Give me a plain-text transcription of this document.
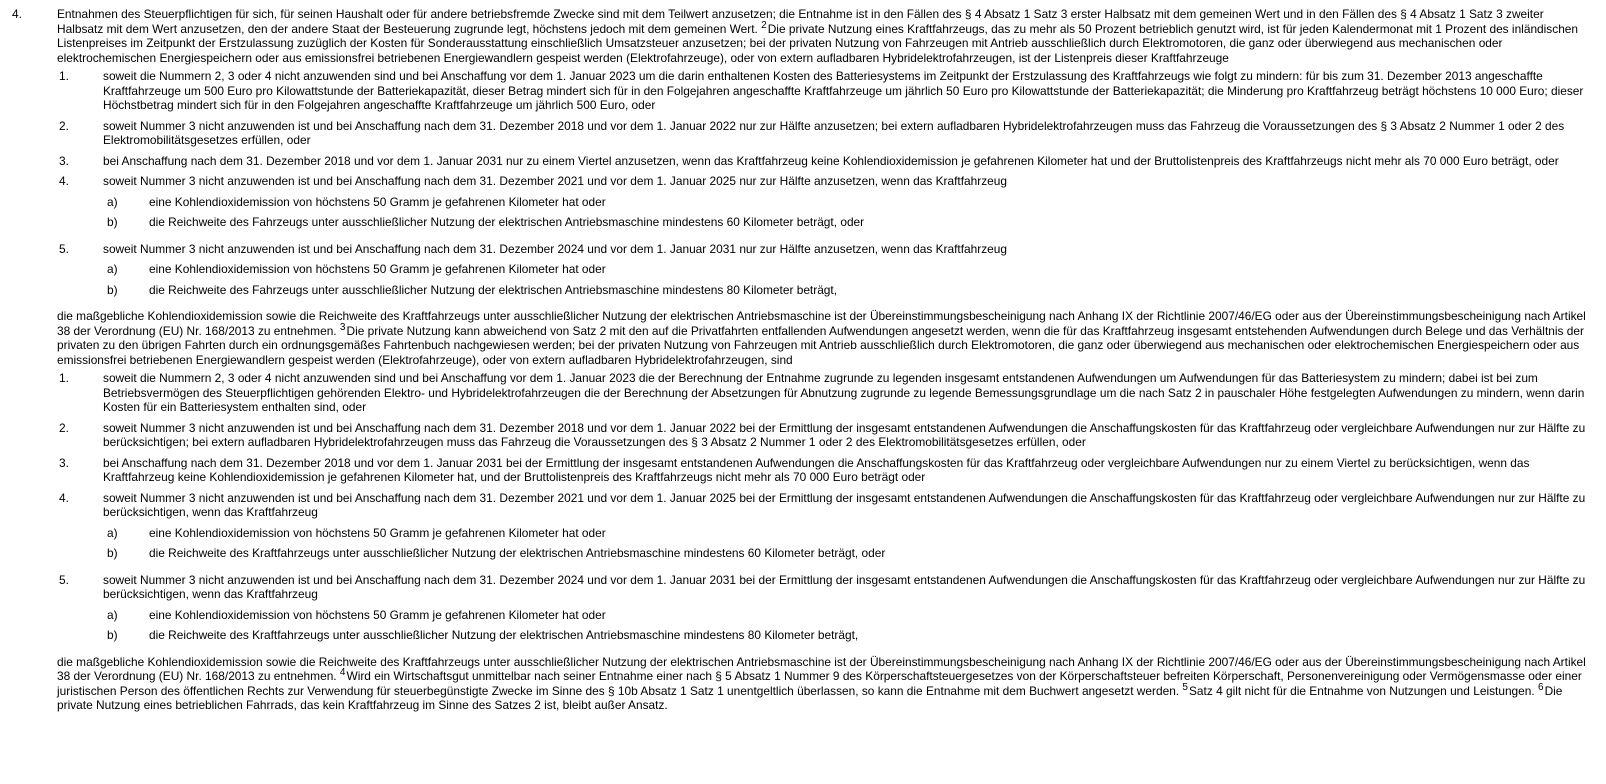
4.	Entnahmen des Steuerpflichtigen für sich, für seinen Haushalt oder für andere betriebsfremde Zwecke sind mit dem Teilwert anzusetzen; die Entnahme ist in den Fällen des § 4 Absatz 1 Satz 3 erster Halbsatz mit dem gemeinen Wert und in den Fällen des § 4 Absatz 1 Satz 3 zweiter Halbsatz mit dem Wert anzusetzen, den der andere Staat der Besteuerung zugrunde legt, höchstens jedoch mit dem gemeinen Wert. $^2$Die private Nutzung eines Kraftfahrzeugs, das zu mehr als 50 Prozent betrieblich genutzt wird, ist für jeden Kalendermonat mit 1 Prozent des inländischen Listenpreises im Zeitpunkt der Erstzulassung zuzüglich der Kosten für Sonderausstattung einschließlich Umsatzsteuer anzusetzen; bei der privaten Nutzung von Fahrzeugen mit Antrieb ausschließlich durch Elektromotoren, die ganz oder überwiegend aus mechanischen oder elektrochemischen Energiespeichern oder aus emissionsfrei betriebenen Energiewandlern gespeist werden (Elektrofahrzeuge), oder von extern aufladbaren Hybridelektrofahrzeugen, ist der Listenpreis dieser Kraftfahrzeuge

1.	soweit die Nummern 2, 3 oder 4 nicht anzuwenden sind und bei Anschaffung vor dem 1. Januar 2023 um die darin enthaltenen Kosten des Batteriesystems im Zeitpunkt der Erstzulassung des Kraftfahrzeugs wie folgt zu mindern: für bis zum 31. Dezember 2013 angeschaffte Kraftfahrzeuge um 500 Euro pro Kilowattstunde der Batteriekapazität, dieser Betrag mindert sich für in den Folgejahren angeschaffte Kraftfahrzeuge um jährlich 50 Euro pro Kilowattstunde der Batteriekapazität; die Minderung pro Kraftfahrzeug beträgt höchstens 10 000 Euro; dieser Höchstbetrag mindert sich für in den Folgejahren angeschaffte Kraftfahrzeuge um jährlich 500 Euro, oder
2.	soweit Nummer 3 nicht anzuwenden ist und bei Anschaffung nach dem 31. Dezember 2018 und vor dem 1. Januar 2022 nur zur Hälfte anzusetzen; bei extern aufladbaren Hybridelektrofahrzeugen muss das Fahrzeug die Voraussetzungen des § 3 Absatz 2 Nummer 1 oder 2 des Elektromobilitätsgesetzes erfüllen, oder
3.	bei Anschaffung nach dem 31. Dezember 2018 und vor dem 1. Januar 2031 nur zu einem Viertel anzusetzen, wenn das Kraftfahrzeug keine Kohlendioxidemission je gefahrenen Kilometer hat und der Bruttolistenpreis des Kraftfahrzeugs nicht mehr als 70 000 Euro beträgt, oder
4.	soweit Nummer 3 nicht anzuwenden ist und bei Anschaffung nach dem 31. Dezember 2021 und vor dem 1. Januar 2025 nur zur Hälfte anzusetzen, wenn das Kraftfahrzeug
a)	eine Kohlendioxidemission von höchstens 50 Gramm je gefahrenen Kilometer hat oder
b)	die Reichweite des Fahrzeugs unter ausschließlicher Nutzung der elektrischen Antriebsmaschine mindestens 60 Kilometer beträgt, oder
5.	soweit Nummer 3 nicht anzuwenden ist und bei Anschaffung nach dem 31. Dezember 2024 und vor dem 1. Januar 2031 nur zur Hälfte anzusetzen, wenn das Kraftfahrzeug
a)	eine Kohlendioxidemission von höchstens 50 Gramm je gefahrenen Kilometer hat oder
b)	die Reichweite des Fahrzeugs unter ausschließlicher Nutzung der elektrischen Antriebsmaschine mindestens 80 Kilometer beträgt,

die maßgebliche Kohlendioxidemission sowie die Reichweite des Kraftfahrzeugs unter ausschließlicher Nutzung der elektrischen Antriebsmaschine ist der Übereinstimmungsbescheinigung nach Anhang IX der Richtlinie 2007/46/EG oder aus der Übereinstimmungsbescheinigung nach Artikel 38 der Verordnung (EU) Nr. 168/2013 zu entnehmen. $^3$Die private Nutzung kann abweichend von Satz 2 mit den auf die Privatfahrten entfallenden Aufwendungen angesetzt werden, wenn die für das Kraftfahrzeug insgesamt entstehenden Aufwendungen durch Belege und das Verhältnis der privaten zu den übrigen Fahrten durch ein ordnungsgemäßes Fahrtenbuch nachgewiesen werden; bei der privaten Nutzung von Fahrzeugen mit Antrieb ausschließlich durch Elektromotoren, die ganz oder überwiegend aus mechanischen oder elektrochemischen Energiespeichern oder aus emissionsfrei betriebenen Energiewandlern gespeist werden (Elektrofahrzeuge), oder von extern aufladbaren Hybridelektrofahrzeugen, sind

1.	soweit die Nummern 2, 3 oder 4 nicht anzuwenden sind und bei Anschaffung vor dem 1. Januar 2023 die der Berechnung der Entnahme zugrunde zu legenden insgesamt entstandenen Aufwendungen um Aufwendungen für das Batteriesystem zu mindern; dabei ist bei zum Betriebsvermögen des Steuerpflichtigen gehörenden Elektro- und Hybridelektrofahrzeugen die der Berechnung der Absetzungen für Abnutzung zugrunde zu legende Bemessungsgrundlage um die nach Satz 2 in pauschaler Höhe festgelegten Aufwendungen zu mindern, wenn darin Kosten für ein Batteriesystem enthalten sind, oder
2.	soweit Nummer 3 nicht anzuwenden ist und bei Anschaffung nach dem 31. Dezember 2018 und vor dem 1. Januar 2022 bei der Ermittlung der insgesamt entstandenen Aufwendungen die Anschaffungskosten für das Kraftfahrzeug oder vergleichbare Aufwendungen nur zur Hälfte zu berücksichtigen; bei extern aufladbaren Hybridelektrofahrzeugen muss das Fahrzeug die Voraussetzungen des § 3 Absatz 2 Nummer 1 oder 2 des Elektromobilitätsgesetzes erfüllen, oder
3.	bei Anschaffung nach dem 31. Dezember 2018 und vor dem 1. Januar 2031 bei der Ermittlung der insgesamt entstandenen Aufwendungen die Anschaffungskosten für das Kraftfahrzeug oder vergleichbare Aufwendungen nur zu einem Viertel zu berücksichtigen, wenn das Kraftfahrzeug keine Kohlendioxidemission je gefahrenen Kilometer hat, und der Bruttolistenpreis des Kraftfahrzeugs nicht mehr als 70 000 Euro beträgt oder
4.	soweit Nummer 3 nicht anzuwenden ist und bei Anschaffung nach dem 31. Dezember 2021 und vor dem 1. Januar 2025 bei der Ermittlung der insgesamt entstandenen Aufwendungen die Anschaffungskosten für das Kraftfahrzeug oder vergleichbare Aufwendungen nur zur Hälfte zu berücksichtigen, wenn das Kraftfahrzeug
a)	eine Kohlendioxidemission von höchstens 50 Gramm je gefahrenen Kilometer hat oder
b)	die Reichweite des Kraftfahrzeugs unter ausschließlicher Nutzung der elektrischen Antriebsmaschine mindestens 60 Kilometer beträgt, oder
5.	soweit Nummer 3 nicht anzuwenden ist und bei Anschaffung nach dem 31. Dezember 2024 und vor dem 1. Januar 2031 bei der Ermittlung der insgesamt entstandenen Aufwendungen die Anschaffungskosten für das Kraftfahrzeug oder vergleichbare Aufwendungen nur zur Hälfte zu berücksichtigen, wenn das Kraftfahrzeug
a)	eine Kohlendioxidemission von höchstens 50 Gramm je gefahrenen Kilometer hat oder
b)	die Reichweite des Kraftfahrzeugs unter ausschließlicher Nutzung der elektrischen Antriebsmaschine mindestens 80 Kilometer beträgt,

die maßgebliche Kohlendioxidemission sowie die Reichweite des Kraftfahrzeugs unter ausschließlicher Nutzung der elektrischen Antriebsmaschine ist der Übereinstimmungsbescheinigung nach Anhang IX der Richtlinie 2007/46/EG oder aus der Übereinstimmungsbescheinigung nach Artikel 38 der Verordnung (EU) Nr. 168/2013 zu entnehmen. $^4$Wird ein Wirtschaftsgut unmittelbar nach seiner Entnahme einer nach § 5 Absatz 1 Nummer 9 des Körperschaftsteuergesetzes von der Körperschaftsteuer befreiten Körperschaft, Personenvereinigung oder Vermögensmasse oder einer juristischen Person des öffentlichen Rechts zur Verwendung für steuerbegünstigte Zwecke im Sinne des § 10b Absatz 1 Satz 1 unentgeltlich überlassen, so kann die Entnahme mit dem Buchwert angesetzt werden. $^5$Satz 4 gilt nicht für die Entnahme von Nutzungen und Leistungen. $^6$Die private Nutzung eines betrieblichen Fahrrads, das kein Kraftfahrzeug im Sinne des Satzes 2 ist, bleibt außer Ansatz.
